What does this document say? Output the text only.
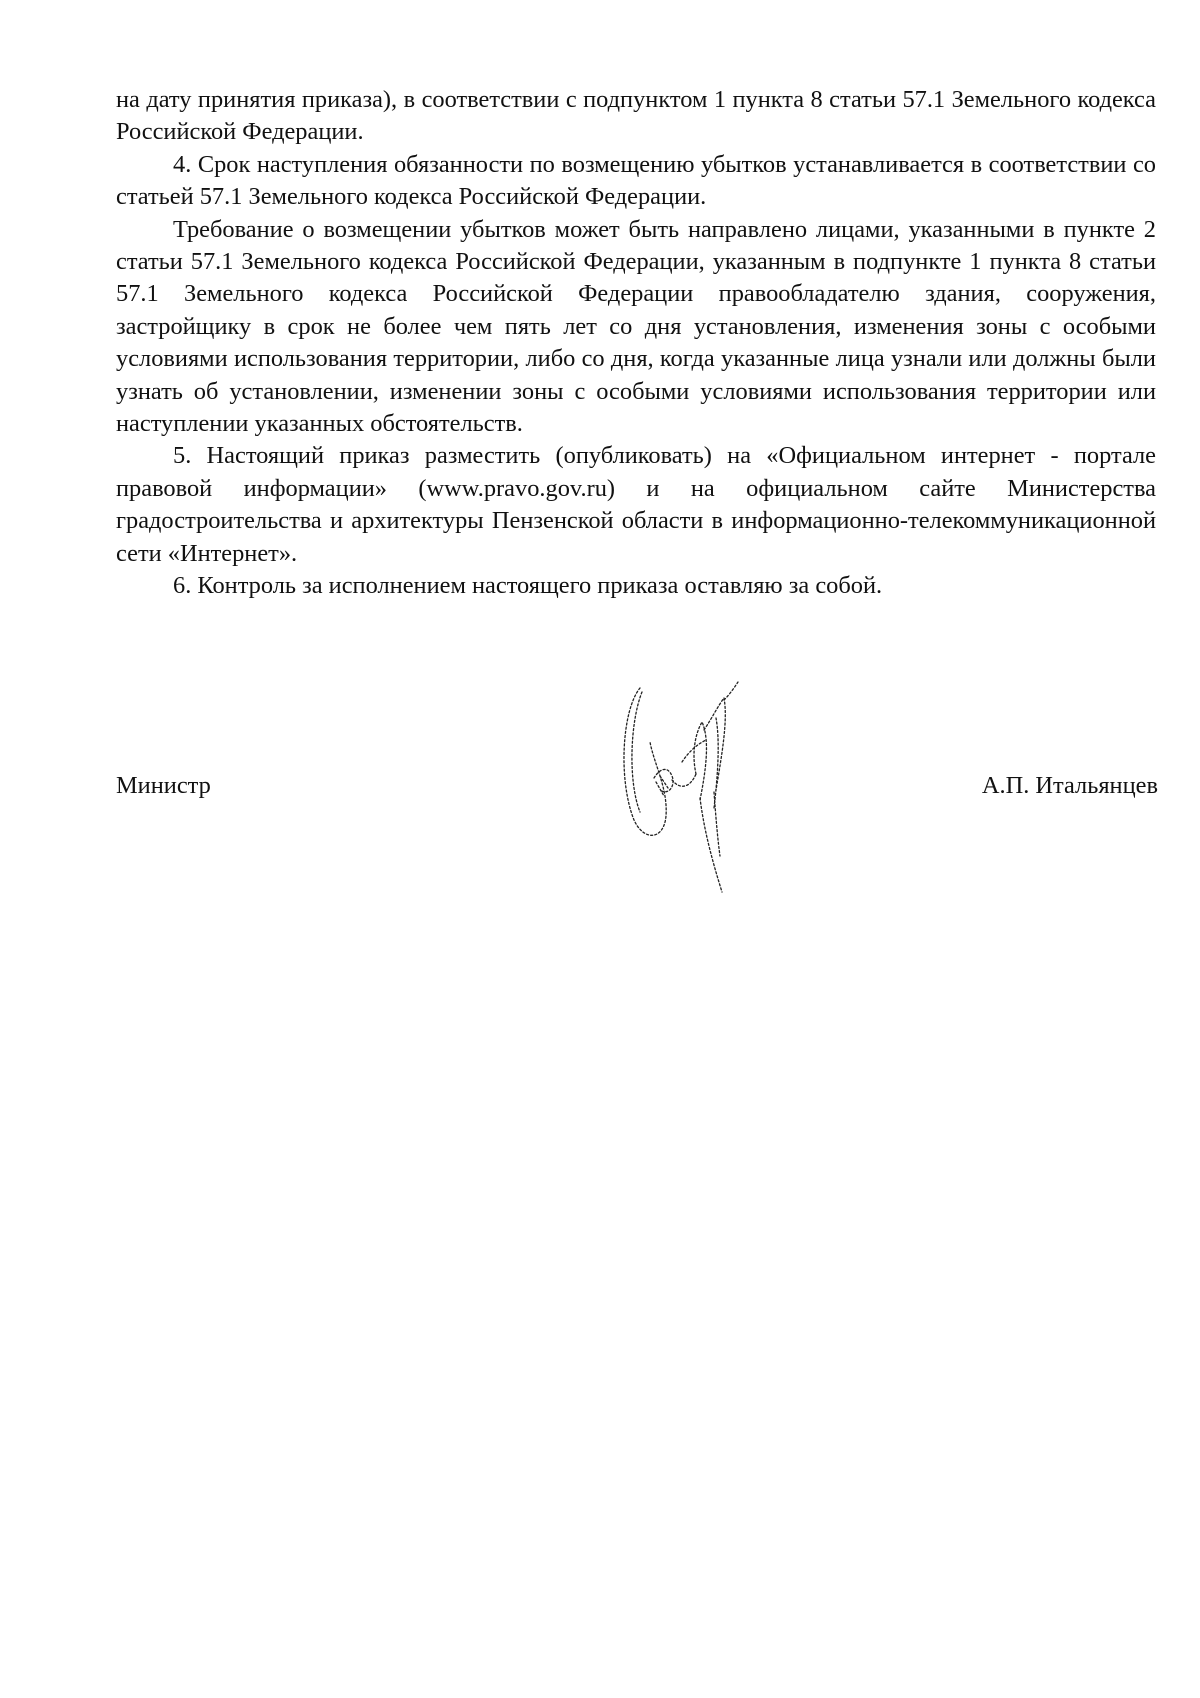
на дату принятия приказа), в соответствии с подпунктом 1 пункта 8 статьи 57.1 Земельного кодекса Российской Федерации.

4. Срок наступления обязанности по возмещению убытков устанавливается в соответствии со статьей 57.1 Земельного кодекса Российской Федерации.

Требование о возмещении убытков может быть направлено лицами, указанными в пункте 2 статьи 57.1 Земельного кодекса Российской Федерации, указанным в подпункте 1 пункта 8 статьи 57.1 Земельного кодекса Российской Федерации правообладателю здания, сооружения, застройщику в срок не более чем пять лет со дня установления, изменения зоны с особыми условиями использования территории, либо со дня, когда указанные лица узнали или должны были узнать об установлении, изменении зоны с особыми условиями использования территории или наступлении указанных обстоятельств.

5. Настоящий приказ разместить (опубликовать) на «Официальном интернет - портале правовой информации» (www.pravo.gov.ru) и на официальном сайте Министерства градостроительства и архитектуры Пензенской области в информационно-телекоммуникационной сети «Интернет».

6. Контроль за исполнением настоящего приказа оставляю за собой.

Министр	А.П. Итальянцев
